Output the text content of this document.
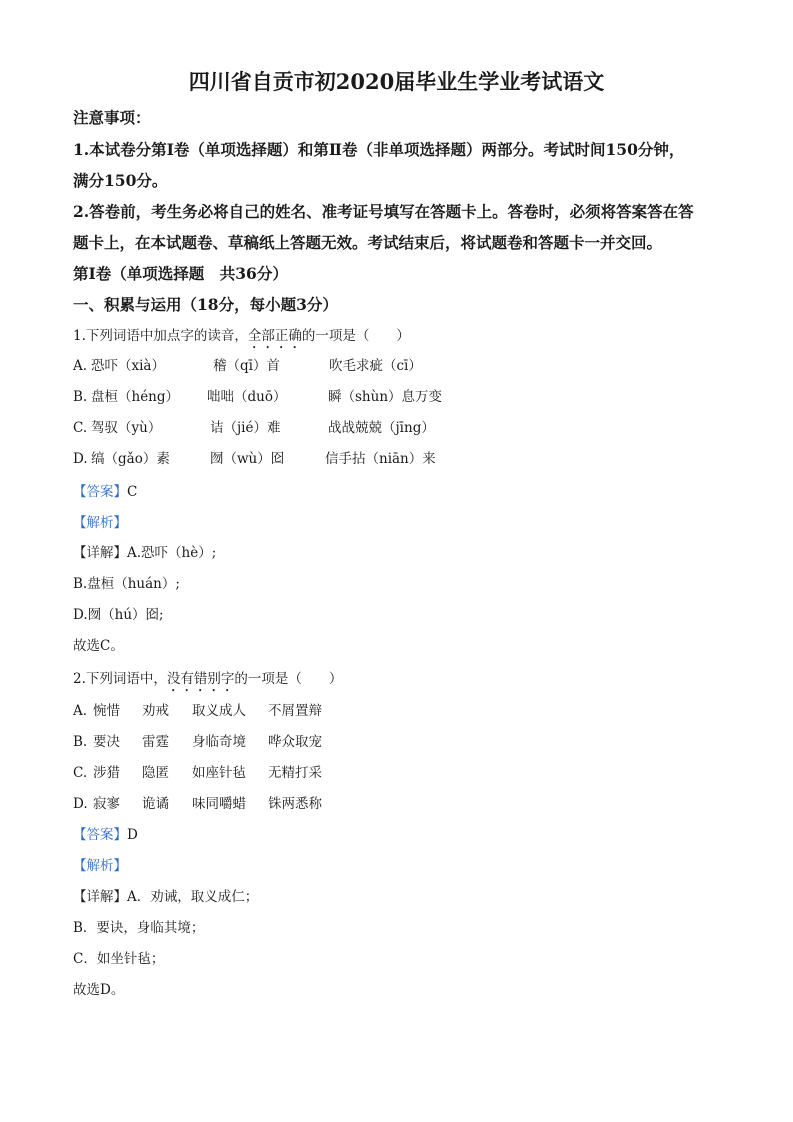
四川省自贡市初2020届毕业生学业考试语文
注意事项：
1.本试卷分第Ⅰ卷（单项选择题）和第Ⅱ卷（非单项选择题）两部分。考试时间150分钟，
满分150分。
2.答卷前，考生务必将自己的姓名、准考证号填写在答题卡上。答卷时，必须将答案答在答
题卡上，在本试题卷、草稿纸上答题无效。考试结束后，将试题卷和答题卡一并交回。
第Ⅰ卷（单项选择题　共36分）
一、积累与运用（18分，每小题3分）
1.下列词语中加点字的读音，全部正确的一项是（　　）
A. 恐吓（xià）	稽（qī）首	吹毛求疵（cī）
B. 盘桓（héng） 咄咄（duō）	瞬（shùn）息万变
C. 驾驭（yù）	诘（jié）难	战战兢兢（jīng）
D. 缟（gǎo）素	囫（wù）囵	信手拈（niān）来
【答案】C
【解析】
【详解】A.恐吓（hè）;
B.盘桓（huán）;
D.囫（hú）囵;
故选C。
2.下列词语中，没有错别字的一项是（　　）
A. 惋惜 劝戒 取义成人 不屑置辩
B. 要决 雷霆 身临奇境 哗众取宠
C. 涉猎 隐匿 如座针毡 无精打采
D. 寂寥 诡谲 味同嚼蜡 铢两悉称
【答案】D
【解析】
【详解】A．劝诫，取义成仁；
B．要诀，身临其境；
C．如坐针毡；
故选D。
